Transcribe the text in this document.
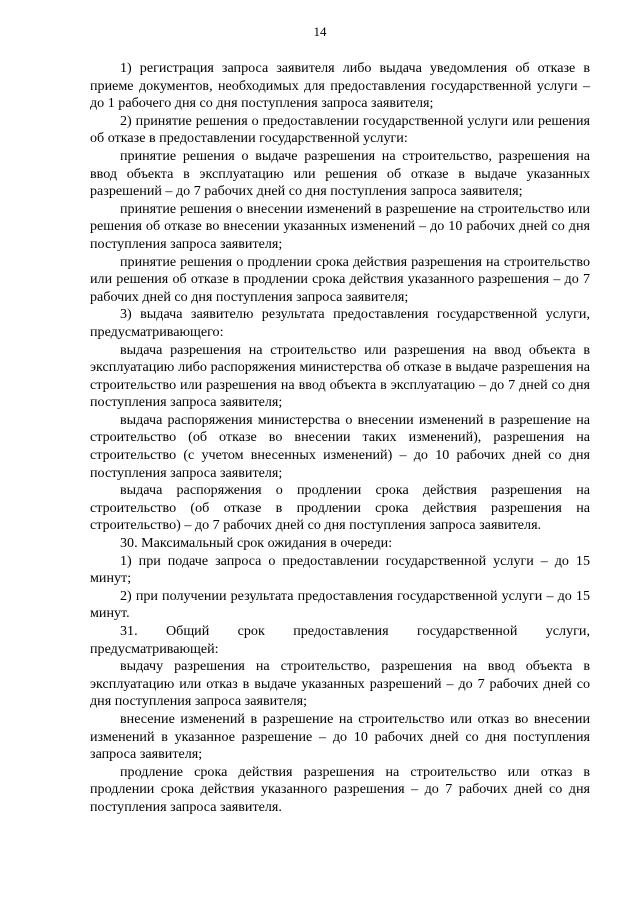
14

1) регистрация запроса заявителя либо выдача уведомления об отказе в приеме документов, необходимых для предоставления государственной услуги – до 1 рабочего дня со дня поступления запроса заявителя;

2) принятие решения о предоставлении государственной услуги или решения об отказе в предоставлении государственной услуги:

принятие решения о выдаче разрешения на строительство, разрешения на ввод объекта в эксплуатацию или решения об отказе в выдаче указанных разрешений – до 7 рабочих дней со дня поступления запроса заявителя;

принятие решения о внесении изменений в разрешение на строительство или решения об отказе во внесении указанных изменений – до 10 рабочих дней со дня поступления запроса заявителя;

принятие решения о продлении срока действия разрешения на строительство или решения об отказе в продлении срока действия указанного разрешения – до 7 рабочих дней со дня поступления запроса заявителя;

3) выдача заявителю результата предоставления государственной услуги, предусматривающего:

выдача разрешения на строительство или разрешения на ввод объекта в эксплуатацию либо распоряжения министерства об отказе в выдаче разрешения на строительство или разрешения на ввод объекта в эксплуатацию – до 7 дней со дня поступления запроса заявителя;

выдача распоряжения министерства о внесении изменений в разрешение на строительство (об отказе во внесении таких изменений), разрешения на строительство (с учетом внесенных изменений) – до 10 рабочих дней со дня поступления запроса заявителя;

выдача распоряжения о продлении срока действия разрешения на строительство (об отказе в продлении срока действия разрешения на строительство) – до 7 рабочих дней со дня поступления запроса заявителя.

30. Максимальный срок ожидания в очереди:

1) при подаче запроса о предоставлении государственной услуги – до 15 минут;

2) при получении результата предоставления государственной услуги – до 15 минут.

31. Общий срок предоставления государственной услуги, предусматривающей:

выдачу разрешения на строительство, разрешения на ввод объекта в эксплуатацию или отказ в выдаче указанных разрешений – до 7 рабочих дней со дня поступления запроса заявителя;

внесение изменений в разрешение на строительство или отказ во внесении изменений в указанное разрешение – до 10 рабочих дней со дня поступления запроса заявителя;

продление срока действия разрешения на строительство или отказ в продлении срока действия указанного разрешения – до 7 рабочих дней со дня поступления запроса заявителя.
